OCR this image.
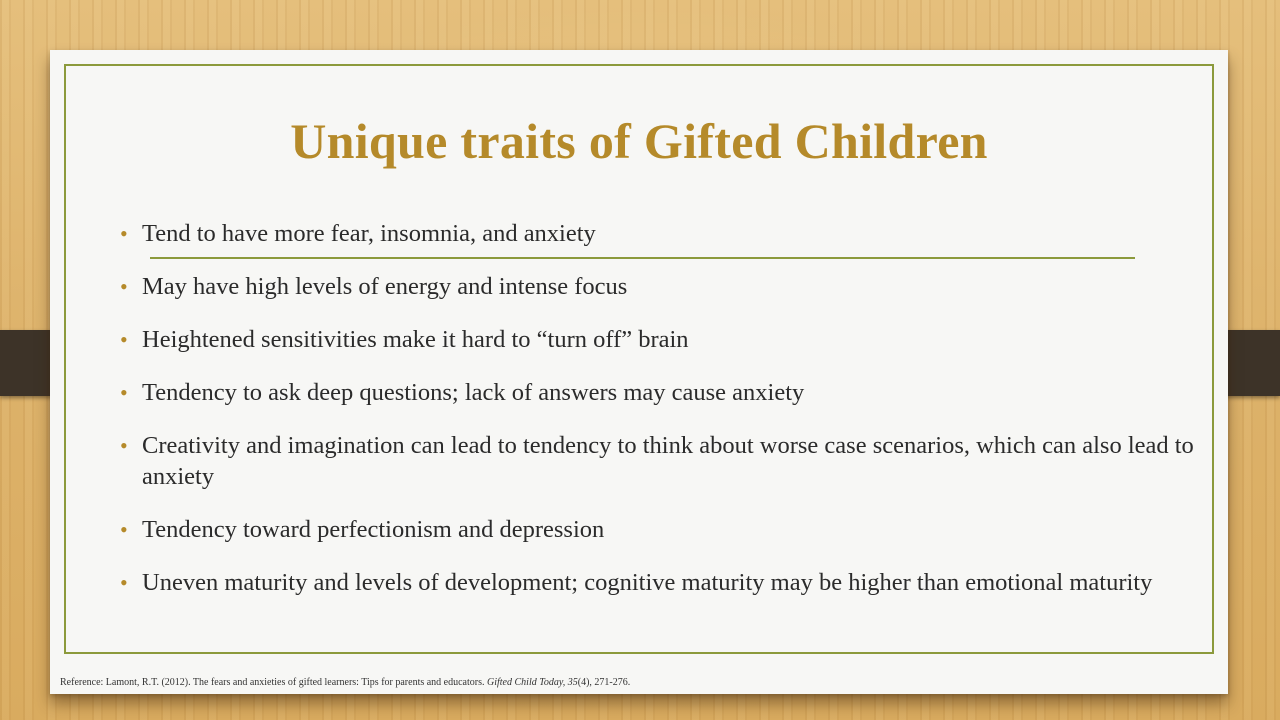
Unique traits of Gifted Children
• Tend to have more fear, insomnia, and anxiety
• May have high levels of energy and intense focus
• Heightened sensitivities make it hard to “turn off” brain
• Tendency to ask deep questions; lack of answers may cause anxiety
• Creativity and imagination can lead to tendency to think about worse case scenarios, which can also lead to anxiety
• Tendency toward perfectionism and depression
• Uneven maturity and levels of development; cognitive maturity may be higher than emotional maturity
Reference: Lamont, R.T. (2012). The fears and anxieties of gifted learners: Tips for parents and educators. Gifted Child Today, 35(4), 271-276.
